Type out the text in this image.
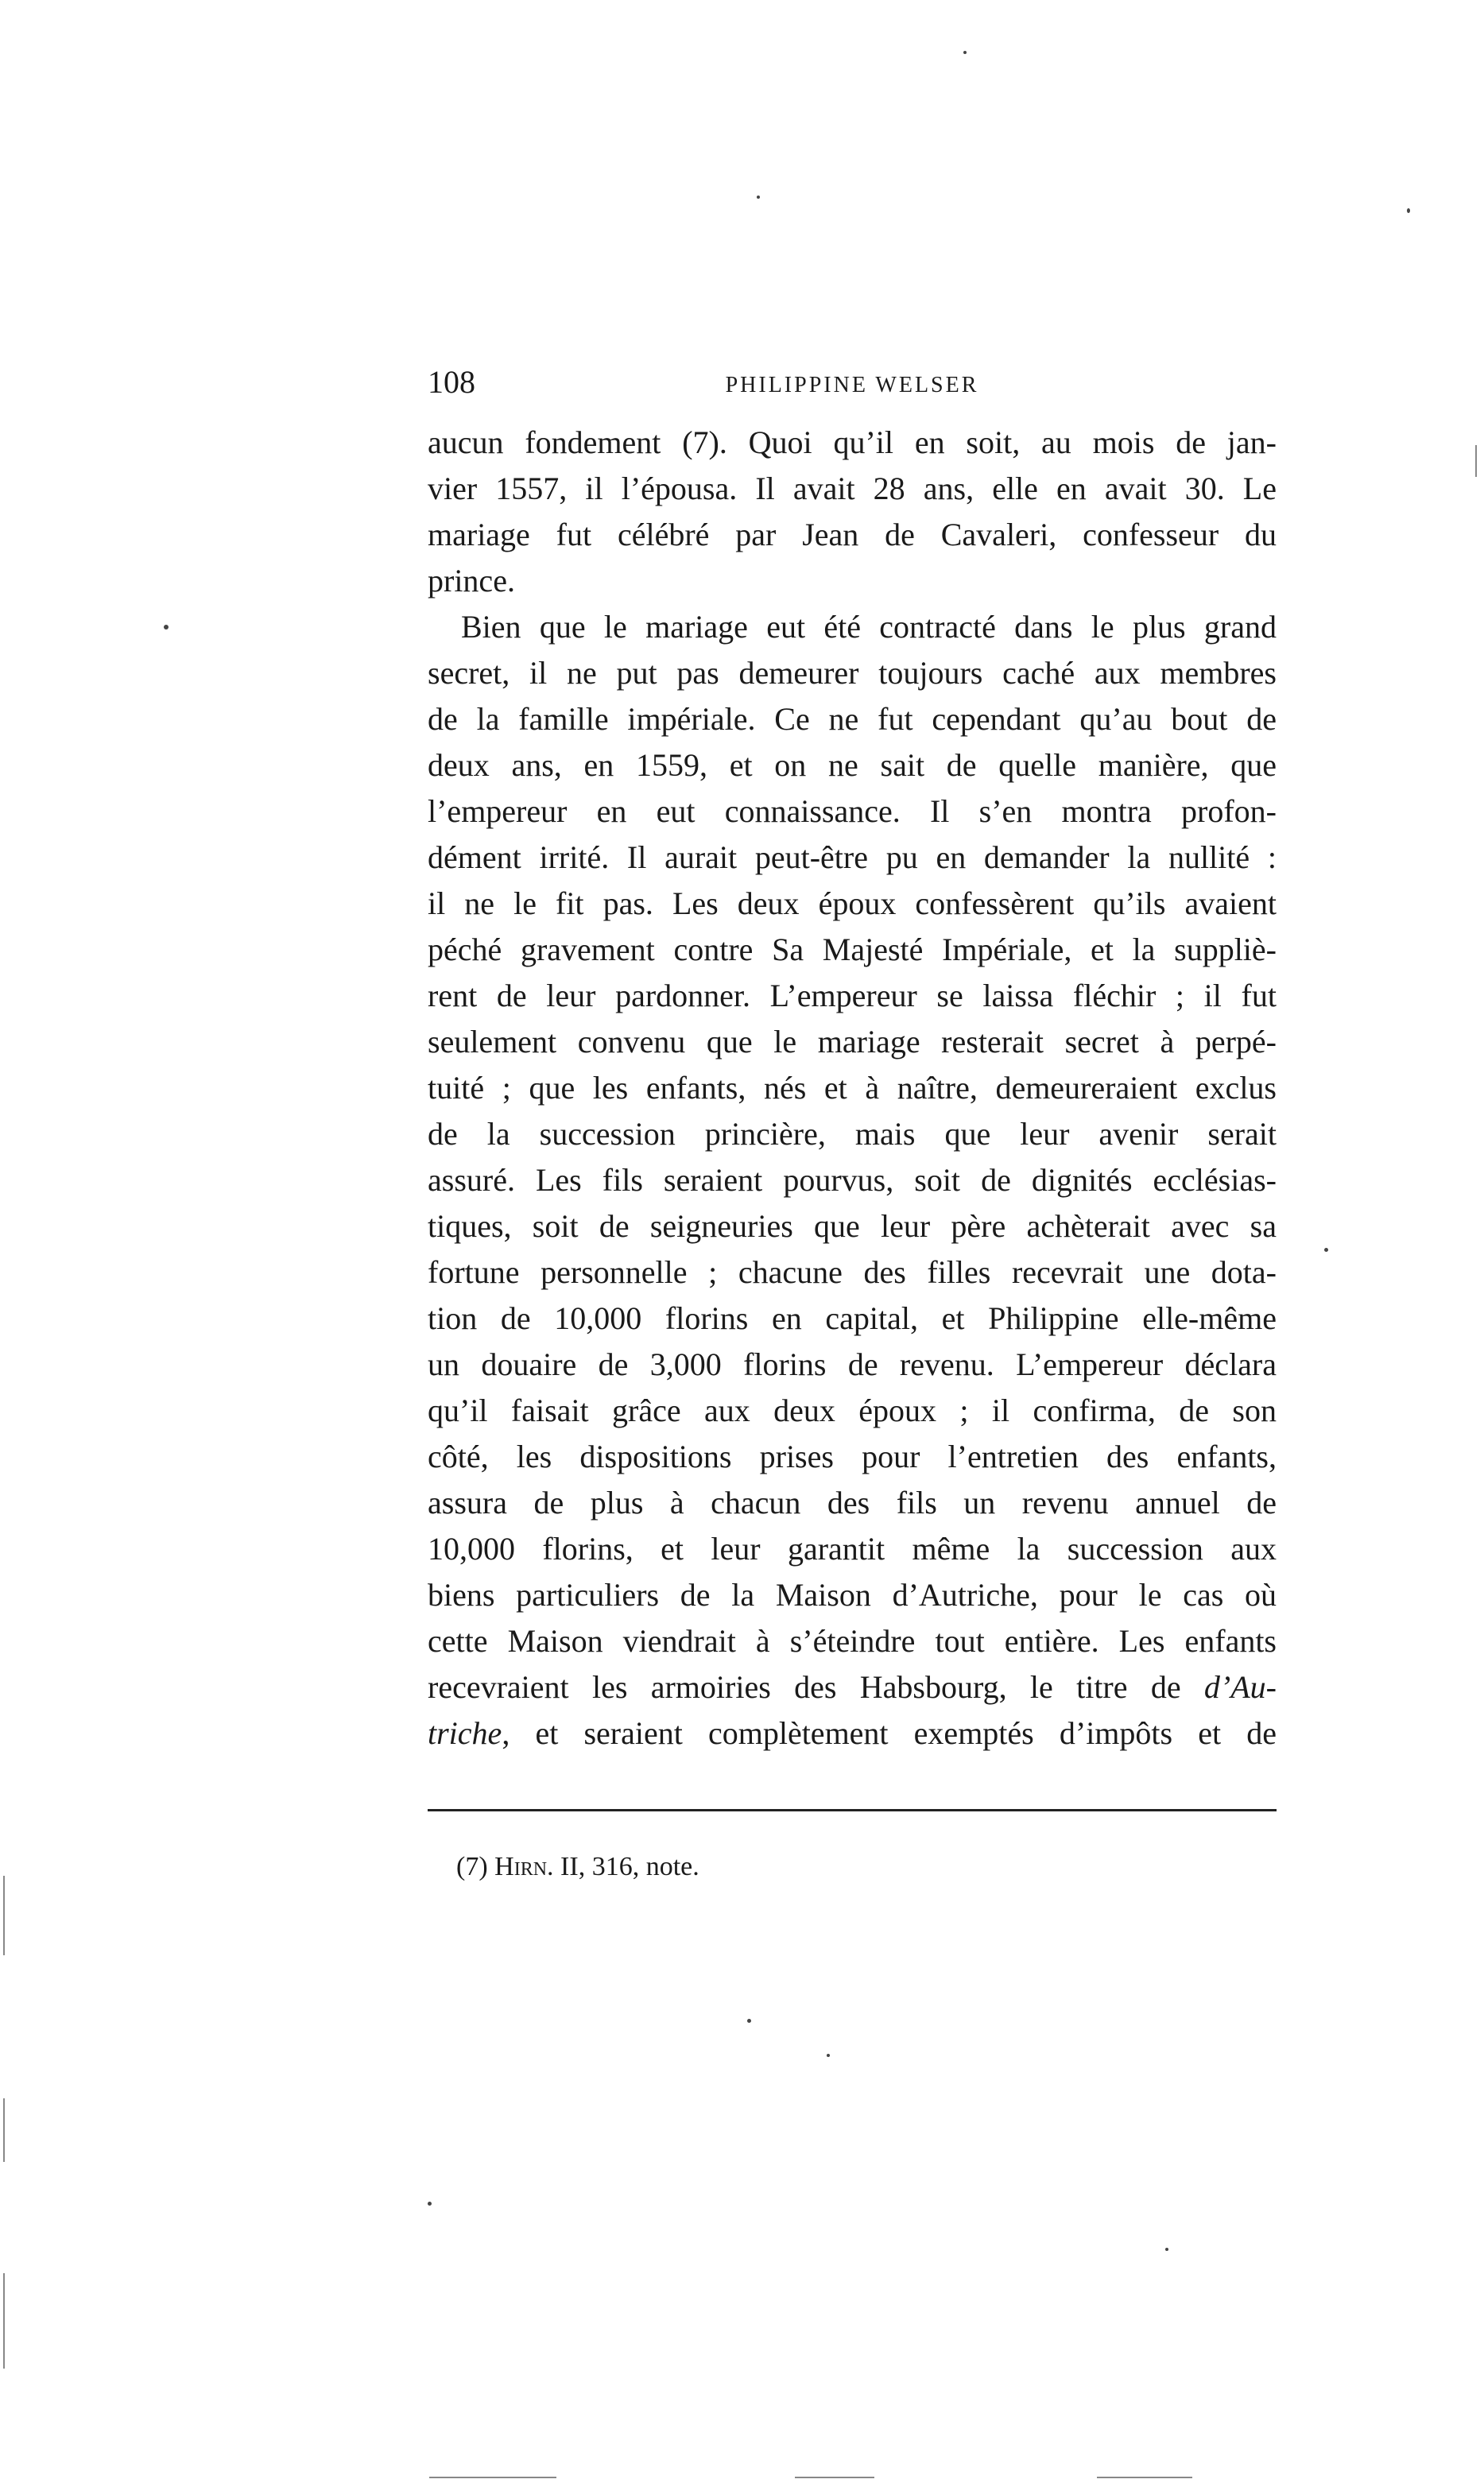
108	PHILIPPINE WELSER
aucun fondement (7). Quoi qu’il en soit, au mois de jan-
vier 1557, il l’épousa. Il avait 28 ans, elle en avait 30. Le
mariage fut célébré par Jean de Cavaleri, confesseur du
prince.
Bien que le mariage eut été contracté dans le plus grand
secret, il ne put pas demeurer toujours caché aux membres
de la famille impériale. Ce ne fut cependant qu’au bout de
deux ans, en 1559, et on ne sait de quelle manière, que
l’empereur en eut connaissance. Il s’en montra profon-
dément irrité. Il aurait peut-être pu en demander la nullité :
il ne le fit pas. Les deux époux confessèrent qu’ils avaient
péché gravement contre Sa Majesté Impériale, et la suppliè-
rent de leur pardonner. L’empereur se laissa fléchir ; il fut
seulement convenu que le mariage resterait secret à perpé-
tuité ; que les enfants, nés et à naître, demeureraient exclus
de la succession princière, mais que leur avenir serait
assuré. Les fils seraient pourvus, soit de dignités ecclésias-
tiques, soit de seigneuries que leur père achèterait avec sa
fortune personnelle ; chacune des filles recevrait une dota-
tion de 10,000 florins en capital, et Philippine elle-même
un douaire de 3,000 florins de revenu. L’empereur déclara
qu’il faisait grâce aux deux époux ; il confirma, de son
côté, les dispositions prises pour l’entretien des enfants,
assura de plus à chacun des fils un revenu annuel de
10,000 florins, et leur garantit même la succession aux
biens particuliers de la Maison d’Autriche, pour le cas où
cette Maison viendrait à s’éteindre tout entière. Les enfants
recevraient les armoiries des Habsbourg, le titre de d’Au-
triche, et seraient complètement exemptés d’impôts et de
(7) Hirn. II, 316, note.
